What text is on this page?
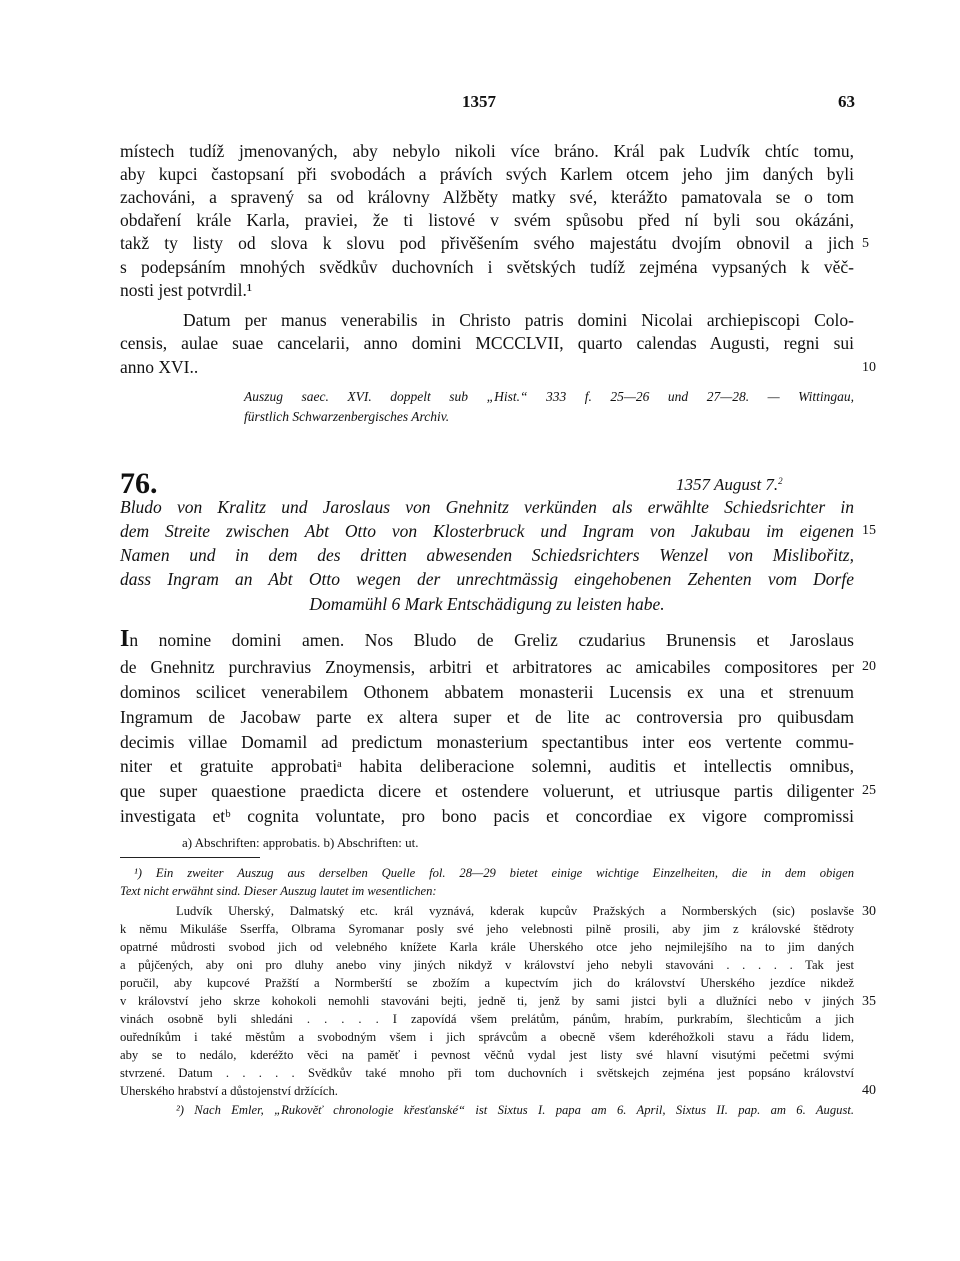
1357	63
místech tudíž jmenovaných, aby nebylo nikoli více bráno. Král pak Ludvík chtíc tomu,
aby kupci častopsaní při svobodách a právích svých Karlem otcem jeho jim daných byli
zachováni, a spravený sa od královny Alžběty matky své, kterážto pamatovala se o tom
obdaření krále Karla, praviei, že ti listové v svém spůsobu před ní byli sou okázáni,
takž ty listy od slova k slovu pod přivěšením svého majestátu dvojím obnovil a jich
s podepsáním mnohých svědkův duchovních i světských tudíž zejména vypsaných k věč-
nosti jest potvrdil.¹
Datum per manus venerabilis in Christo patris domini Nicolai archiepiscopi Colo-
censis, aulae suae cancelarii, anno domini MCCCLVII, quarto calendas Augusti, regni sui
anno XVI..
Auszug saec. XVI. doppelt sub „Hist.“ 333 f. 25—26 und 27—28. — Wittingau,
fürstlich Schwarzenbergisches Archiv.
76.	1357 August 7.$^2$
Bludo von Kralitz und Jaroslaus von Gnehnitz verkünden als erwählte Schiedsrichter in
dem Streite zwischen Abt Otto von Klosterbruck und Ingram von Jakubau im eigenen
Namen und in dem des dritten abwesenden Schiedsrichters Wenzel von Mislibořitz,
dass Ingram an Abt Otto wegen der unrechtmässig eingehobenen Zehenten vom Dorfe
Domamühl 6 Mark Entschädigung zu leisten habe.
In nomine domini amen. Nos Bludo de Greliz czudarius Brunensis et Jaroslaus
de Gnehnitz purchravius Znoymensis, arbitri et arbitratores ac amicabiles compositores per
dominos scilicet venerabilem Othonem abbatem monasterii Lucensis ex una et strenuum
Ingramum de Jacobaw parte ex altera super et de lite ac controversia pro quibusdam
decimis villae Domamil ad predictum monasterium spectantibus inter eos vertente commu-
niter et gratuite approbatiᵃ habita deliberacione solemni, auditis et intellectis omnibus,
que super quaestione praedicta dicere et ostendere voluerunt, et utriusque partis diligenter
investigata etᵇ cognita voluntate, pro bono pacis et concordiae ex vigore compromissi
a) Abschriften: approbatis. b) Abschriften: ut.
¹) Ein zweiter Auszug aus derselben Quelle fol. 28—29 bietet einige wichtige Einzelheiten, die in dem obigen
Text nicht erwähnt sind. Dieser Auszug lautet im wesentlichen:
Ludvík Uherský, Dalmatský etc. král vyznává, kderak kupcův Pražských a Normberských (sic) poslavše
k němu Mikuláše Sserffa, Olbrama Syromanar posly své jeho velebnosti pilně prosili, aby jim z královské štědroty
opatrné můdrosti svobod jich od velebného knížete Karla krále Uherského otce jeho nejmilejšího na to jim daných
a půjčených, aby oni pro dluhy anebo viny jiných nikdyž v království jeho nebyli stavováni . . . . . Tak jest
poručil, aby kupcové Pražští a Normberští se zbožím a kupectvím jich do království Uherského jezdíce nikdež
v království jeho skrze kohokoli nemohli stavováni bejti, jedně ti, jenž by sami jistci byli a dlužníci nebo v jiných
vinách osobně byli shledáni . . . . . I zapovídá všem prelátům, pánům, hrabím, purkrabím, šlechticům a jich
ouředníkům i také městům a svobodným všem i jich správcům a obecně všem kderéhožkoli stavu a řádu lidem,
aby se to nedálo, kderéžto věci na paměť i pevnost věčnů vydal jest listy své hlavní visutými pečetmi svými
stvrzené. Datum . . . . . Svědkův také mnoho při tom duchovních i světskejch zejména jest popsáno království
Uherského hrabství a důstojenství držících.
²) Nach Emler, „Rukověť chronologie křesťanské“ ist Sixtus I. papa am 6. April, Sixtus II. pap. am 6. August.
5
10
15
20
25
30
35
40
